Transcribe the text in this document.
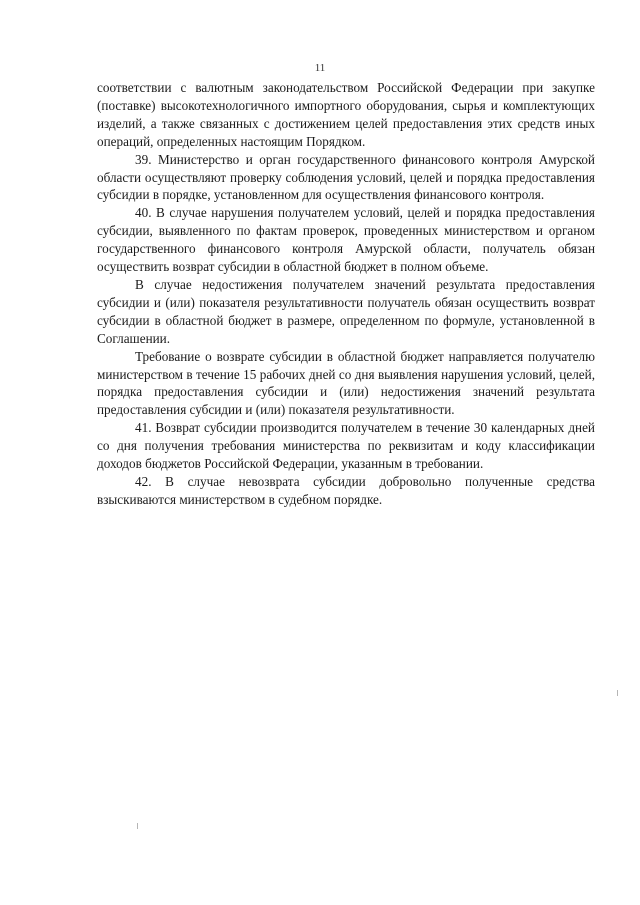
11

соответствии с валютным законодательством Российской Федерации при закупке (поставке) высокотехнологичного импортного оборудования, сырья и комплектующих изделий, а также связанных с достижением целей предоставления этих средств иных операций, определенных настоящим Порядком.

39. Министерство и орган государственного финансового контроля Амурской области осуществляют проверку соблюдения условий, целей и порядка предоставления субсидии в порядке, установленном для осуществления финансового контроля.

40. В случае нарушения получателем условий, целей и порядка предоставления субсидии, выявленного по фактам проверок, проведенных министерством и органом государственного финансового контроля Амурской области, получатель обязан осуществить возврат субсидии в областной бюджет в полном объеме.

В случае недостижения получателем значений результата предоставления субсидии и (или) показателя результативности получатель обязан осуществить возврат субсидии в областной бюджет в размере, определенном по формуле, установленной в Соглашении.

Требование о возврате субсидии в областной бюджет направляется получателю министерством в течение 15 рабочих дней со дня выявления нарушения условий, целей, порядка предоставления субсидии и (или) недостижения значений результата предоставления субсидии и (или) показателя результативности.

41. Возврат субсидии производится получателем в течение 30 календарных дней со дня получения требования министерства по реквизитам и коду классификации доходов бюджетов Российской Федерации, указанным в требовании.

42. В случае невозврата субсидии добровольно полученные средства взыскиваются министерством в судебном порядке.
